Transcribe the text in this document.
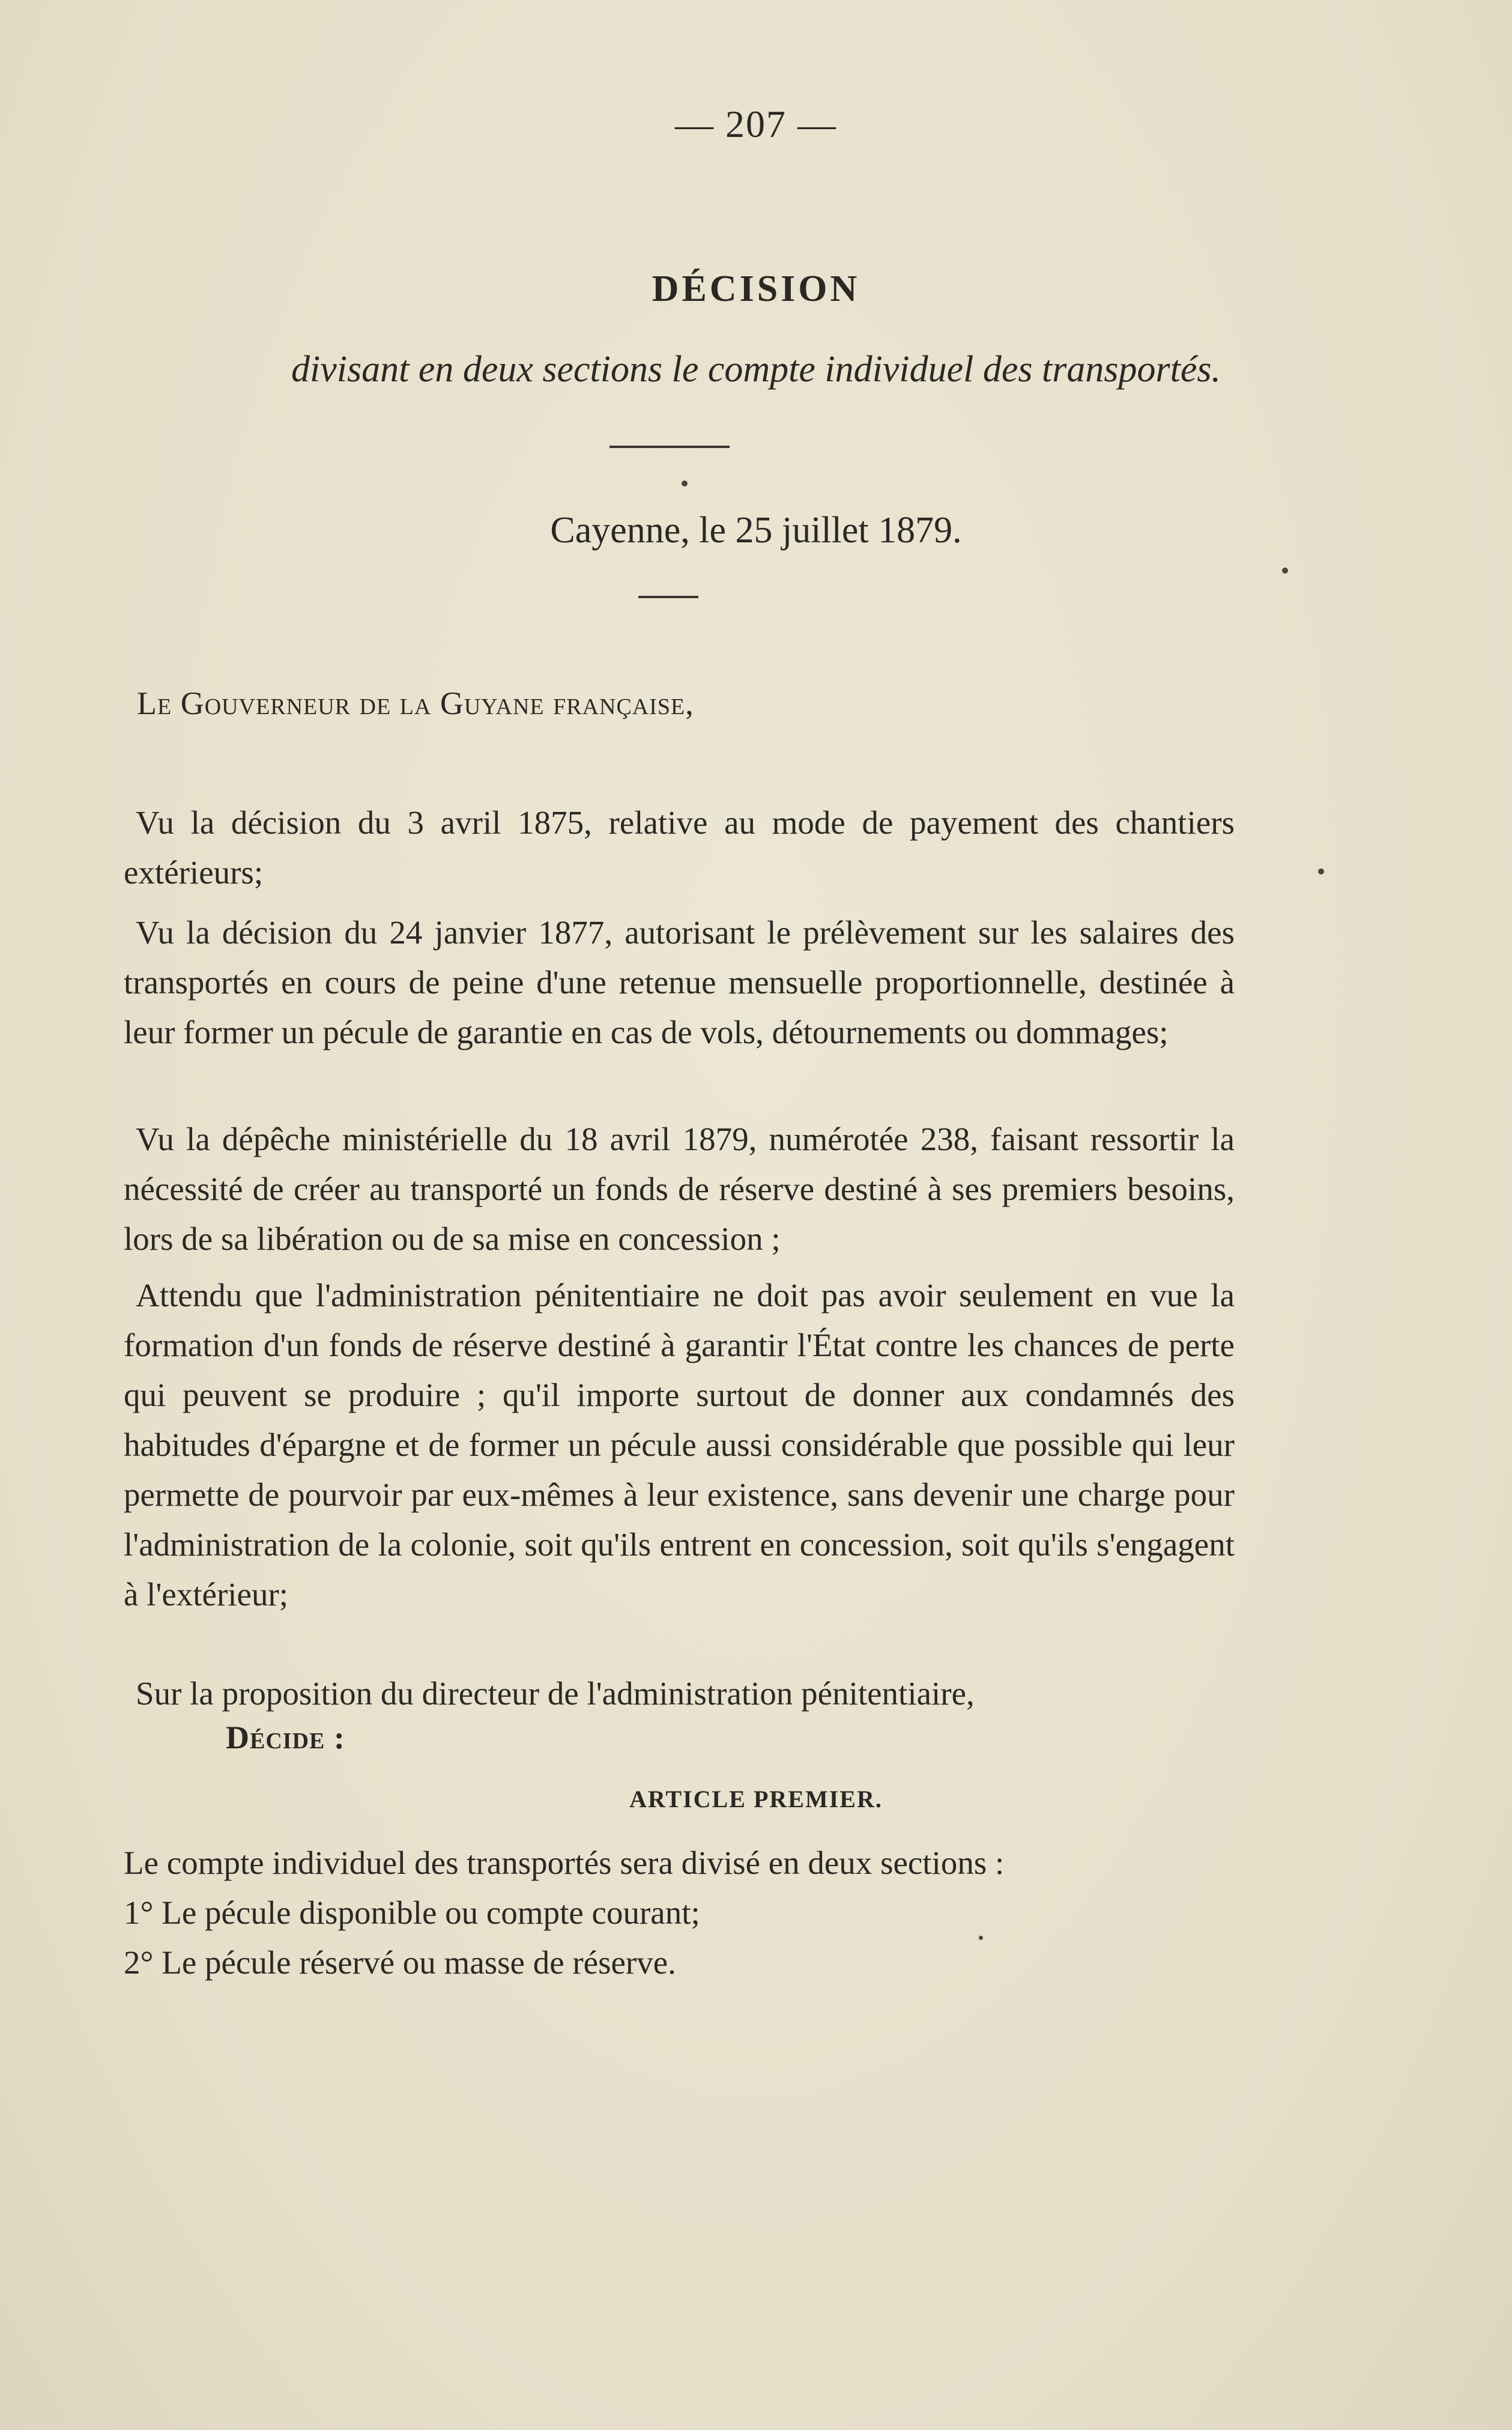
— 207 —
DÉCISION
divisant en deux sections le compte individuel des transportés.
Cayenne, le 25 juillet 1879.
Le Gouverneur de la Guyane française,

Vu la décision du 3 avril 1875, relative au mode de payement des chantiers extérieurs;

Vu la décision du 24 janvier 1877, autorisant le prélèvement sur les salaires des transportés en cours de peine d'une retenue mensuelle proportionnelle, destinée à leur former un pécule de garantie en cas de vols, détournements ou dommages;

Vu la dépêche ministérielle du 18 avril 1879, numérotée 238, faisant ressortir la nécessité de créer au transporté un fonds de réserve destiné à ses premiers besoins, lors de sa libération ou de sa mise en concession ;

Attendu que l'administration pénitentiaire ne doit pas avoir seulement en vue la formation d'un fonds de réserve destiné à garantir l'État contre les chances de perte qui peuvent se produire ; qu'il importe surtout de donner aux condamnés des habitudes d'épargne et de former un pécule aussi considérable que possible qui leur permette de pourvoir par eux-mêmes à leur existence, sans devenir une charge pour l'administration de la colonie, soit qu'ils entrent en concession, soit qu'ils s'engagent à l'extérieur;

Sur la proposition du directeur de l'administration pénitentiaire,

Décide :
ARTICLE PREMIER.
Le compte individuel des transportés sera divisé en deux sections :
1° Le pécule disponible ou compte courant;
2° Le pécule réservé ou masse de réserve.
